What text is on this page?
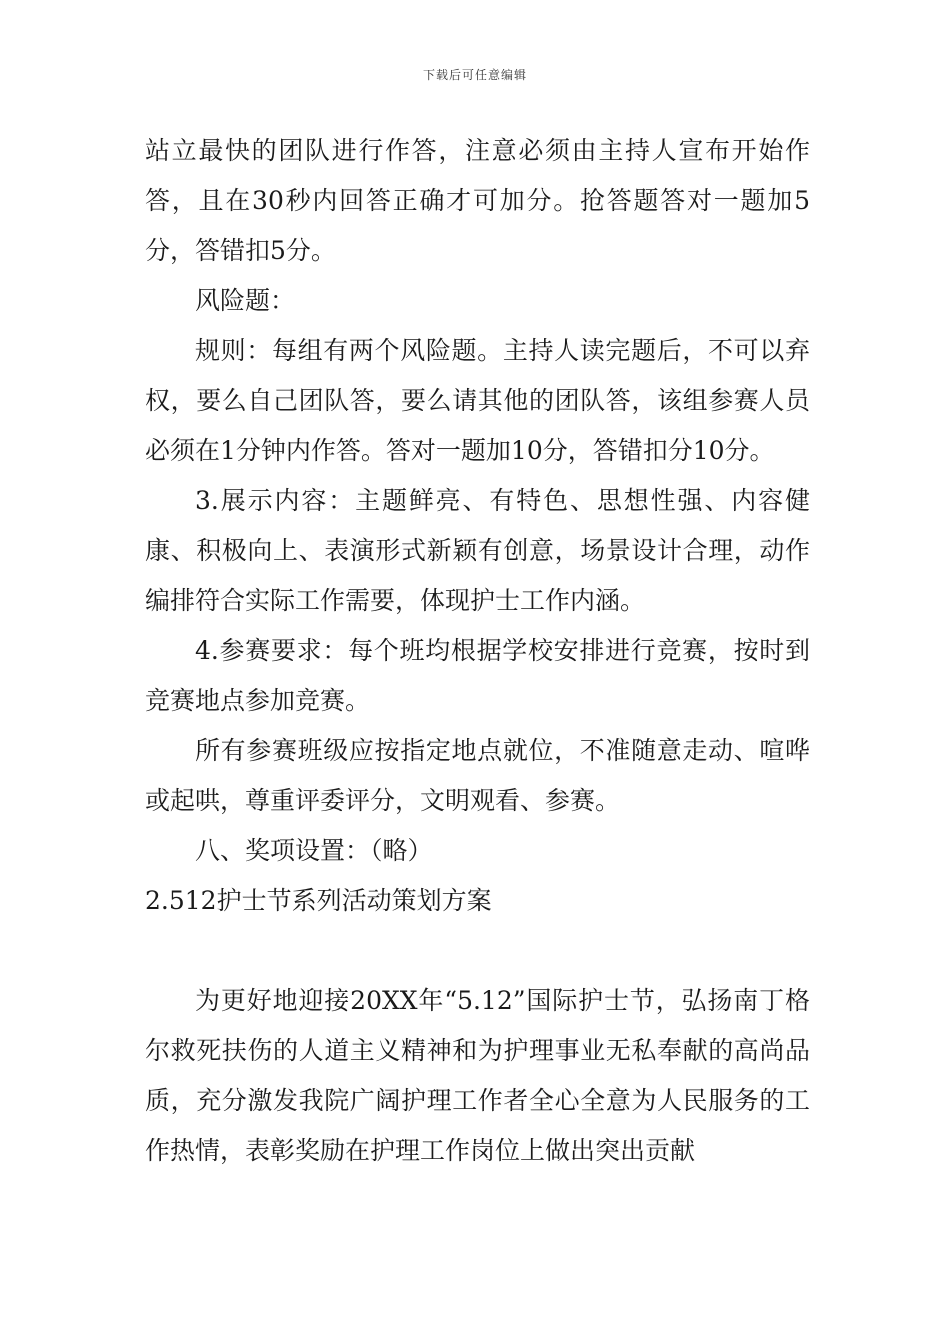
下载后可任意编辑

站立最快的团队进行作答，注意必须由主持人宣布开始作答，且在30秒内回答正确才可加分。抢答题答对一题加5分，答错扣5分。

风险题：

规则：每组有两个风险题。主持人读完题后，不可以弃权，要么自己团队答，要么请其他的团队答，该组参赛人员必须在1分钟内作答。答对一题加10分，答错扣分10分。

3.展示内容：主题鲜亮、有特色、思想性强、内容健康、积极向上、表演形式新颖有创意，场景设计合理，动作编排符合实际工作需要，体现护士工作内涵。

4.参赛要求：每个班均根据学校安排进行竞赛，按时到竞赛地点参加竞赛。

所有参赛班级应按指定地点就位，不准随意走动、喧哗或起哄，尊重评委评分，文明观看、参赛。

八、奖项设置：（略）

2.512护士节系列活动策划方案

为更好地迎接20XX年“5.12”国际护士节，弘扬南丁格尔救死扶伤的人道主义精神和为护理事业无私奉献的高尚品质，充分激发我院广阔护理工作者全心全意为人民服务的工作热情，表彰奖励在护理工作岗位上做出突出贡献
